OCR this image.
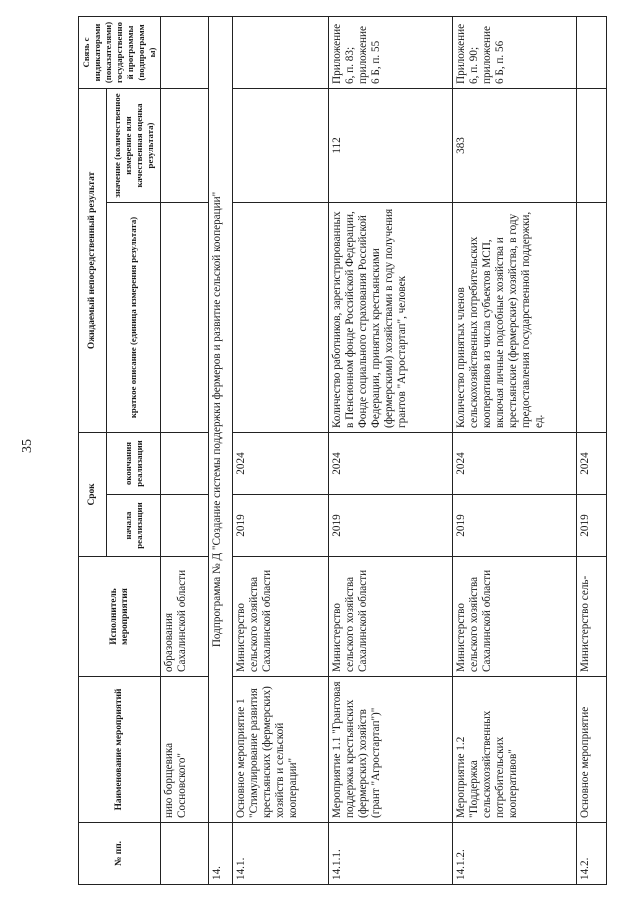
35
№ пп.	Наименование мероприятий	Исполнитель мероприятия	Срок		Ожидаемый непосредственный результат		Связь с индикаторами (показателями) государственной программы (подпрограммы)
			начала реализации	окончания реализации	краткое описание (единица измерения результата)	значение (количественное измерение или качественная оценка результата)	
	нию борщевика Сосновского"	образования Сахалинской области					
14.	Подпрограмма № Д "Создание системы поддержки фермеров и развитие сельской кооперации"						
14.1.	Основное мероприятие 1 "Стимулирование развития крестьянских (фермерских) хозяйств и сельской кооперации"	Министерство сельского хозяйства Сахалинской области	2019	2024			
14.1.1.	Мероприятие 1.1 "Грантовая поддержка крестьянских (фермерских) хозяйств (грант "Агростартап")"	Министерство сельского хозяйства Сахалинской области	2019	2024	Количество работников, зарегистрированных в Пенсионном фонде Российской Федерации, Фонде социального страхования Российской Федерации, принятых крестьянскими (фермерскими) хозяйствами в году получения грантов "Агростартап", человек	112	Приложение 6, п. 83; приложение 6 Б, п. 55
14.1.2.	Мероприятие 1.2 "Поддержка сельскохозяйственных потребительских кооперативов"	Министерство сельского хозяйства Сахалинской области	2019	2024	Количество принятых членов сельскохозяйственных потребительских кооперативов из числа субъектов МСП, включая личные подсобные хозяйства и крестьянские (фермерские) хозяйства, в году предоставления государственной поддержки, ед.	383	Приложение 6, п. 90; приложение 6 Б, п. 56
14.2.	Основное мероприятие	Министерство сель-	2019	2024			
